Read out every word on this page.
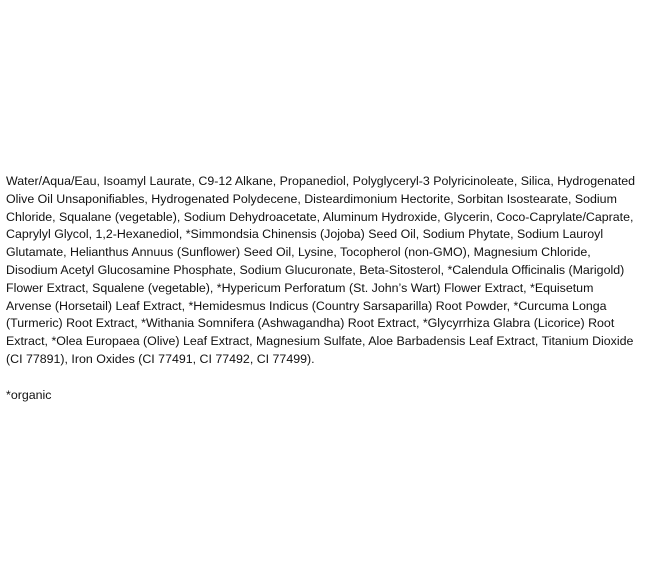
Water/Aqua/Eau, Isoamyl Laurate, C9-12 Alkane, Propanediol, Polyglyceryl-3 Polyricinoleate, Silica, Hydrogenated Olive Oil Unsaponifiables, Hydrogenated Polydecene, Disteardimonium Hectorite, Sorbitan Isostearate, Sodium Chloride, Squalane (vegetable), Sodium Dehydroacetate, Aluminum Hydroxide, Glycerin, Coco-Caprylate/Caprate, Caprylyl Glycol, 1,2-Hexanediol, *Simmondsia Chinensis (Jojoba) Seed Oil, Sodium Phytate, Sodium Lauroyl Glutamate, Helianthus Annuus (Sunflower) Seed Oil, Lysine, Tocopherol (non-GMO), Magnesium Chloride, Disodium Acetyl Glucosamine Phosphate, Sodium Glucuronate, Beta-Sitosterol, *Calendula Officinalis (Marigold) Flower Extract, Squalene (vegetable), *Hypericum Perforatum (St. John’s Wart) Flower Extract, *Equisetum Arvense (Horsetail) Leaf Extract, *Hemidesmus Indicus (Country Sarsaparilla) Root Powder, *Curcuma Longa (Turmeric) Root Extract, *Withania Somnifera (Ashwagandha) Root Extract, *Glycyrrhiza Glabra (Licorice) Root Extract, *Olea Europaea (Olive) Leaf Extract, Magnesium Sulfate, Aloe Barbadensis Leaf Extract, Titanium Dioxide (CI 77891), Iron Oxides (CI 77491, CI 77492, CI 77499).

*organic
